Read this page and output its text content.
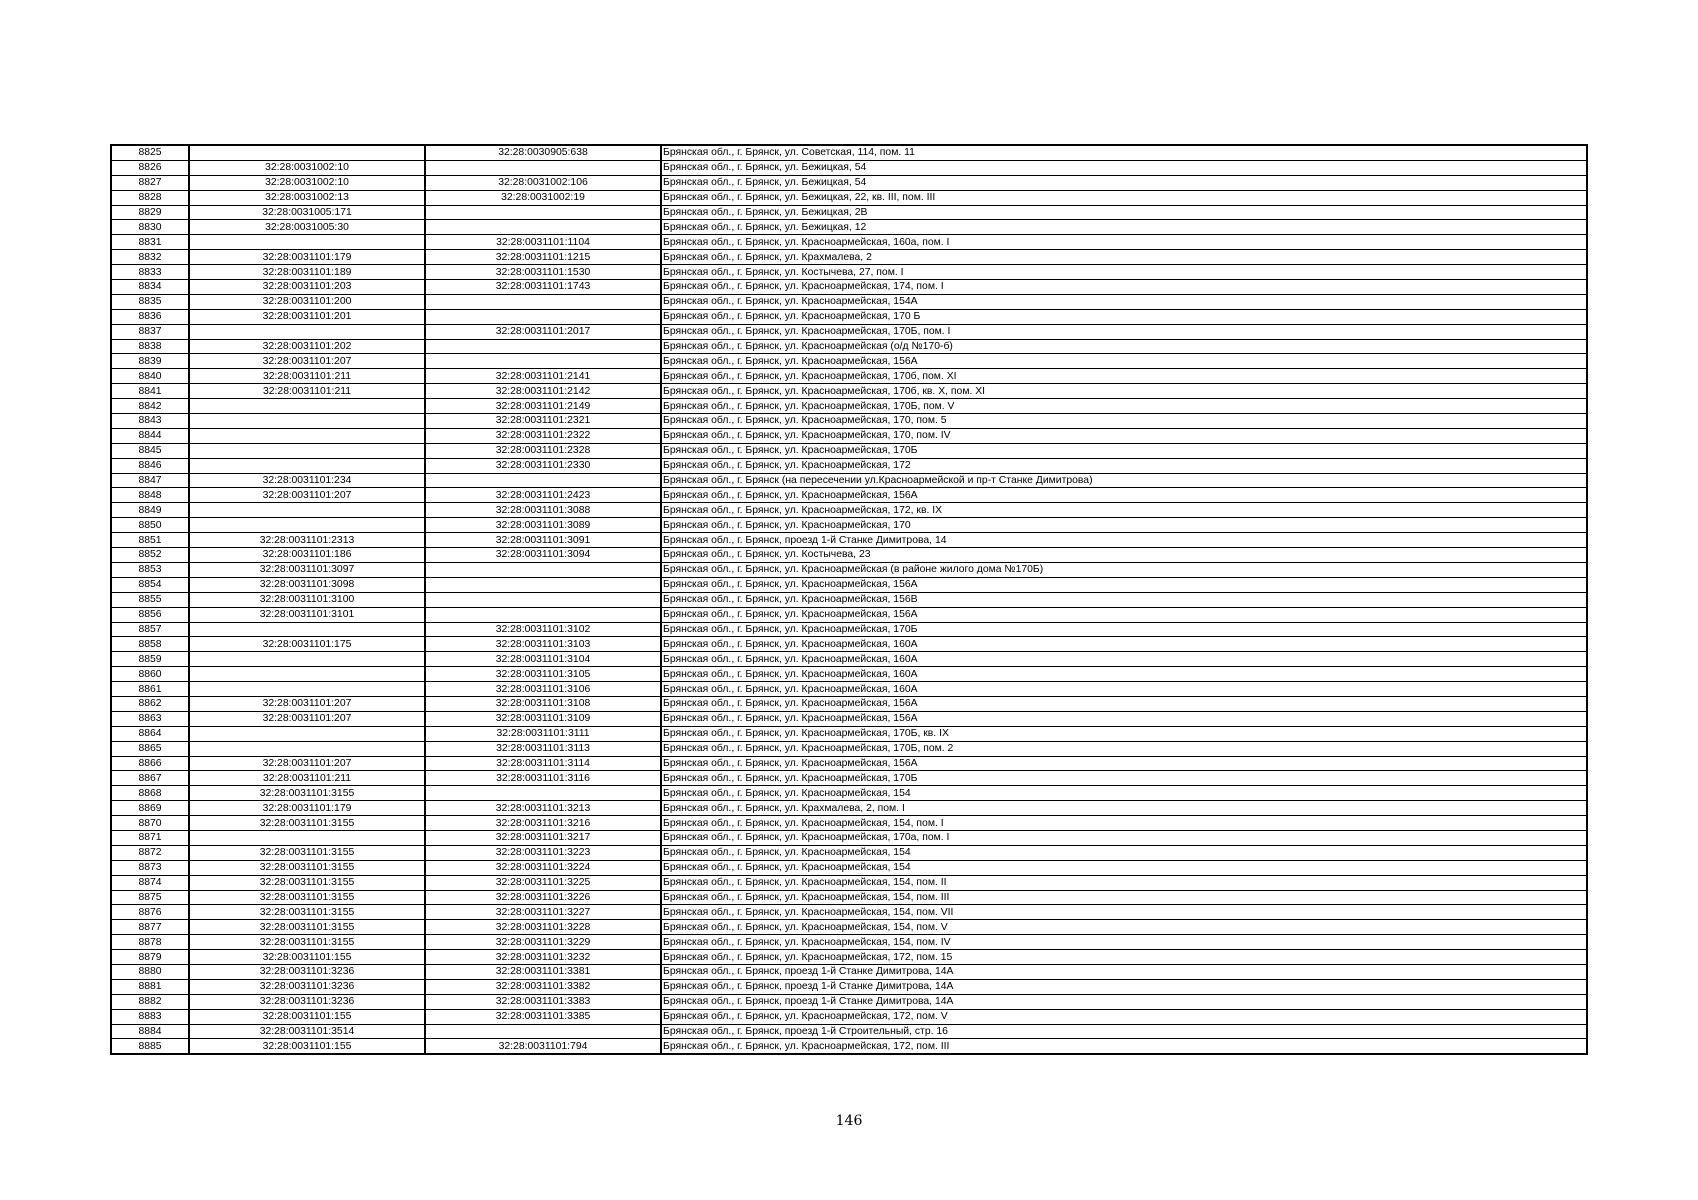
8825		32:28:0030905:638	Брянская обл., г. Брянск, ул. Советская, 114, пом. 11
8826	32:28:0031002:10		Брянская обл., г. Брянск, ул. Бежицкая, 54
8827	32:28:0031002:10	32:28:0031002:106	Брянская обл., г. Брянск, ул. Бежицкая, 54
8828	32:28:0031002:13	32:28:0031002:19	Брянская обл., г. Брянск, ул. Бежицкая, 22, кв. III, пом. III
8829	32:28:0031005:171		Брянская обл., г. Брянск, ул. Бежицкая, 2В
8830	32:28:0031005:30		Брянская обл., г. Брянск, ул. Бежицкая, 12
8831		32:28:0031101:1104	Брянская обл., г. Брянск, ул. Красноармейская, 160а, пом. I
8832	32:28:0031101:179	32:28:0031101:1215	Брянская обл., г. Брянск, ул. Крахмалева, 2
8833	32:28:0031101:189	32:28:0031101:1530	Брянская обл., г. Брянск, ул. Костычева, 27, пом. I
8834	32:28:0031101:203	32:28:0031101:1743	Брянская обл., г. Брянск, ул. Красноармейская, 174, пом. I
8835	32:28:0031101:200		Брянская обл., г. Брянск, ул. Красноармейская, 154А
8836	32:28:0031101:201		Брянская обл., г. Брянск, ул. Красноармейская, 170 Б
8837		32:28:0031101:2017	Брянская обл., г. Брянск, ул. Красноармейская, 170Б, пом. I
8838	32:28:0031101:202		Брянская обл., г. Брянск, ул. Красноармейская (о/д №170-б)
8839	32:28:0031101:207		Брянская обл., г. Брянск, ул. Красноармейская, 156А
8840	32:28:0031101:211	32:28:0031101:2141	Брянская обл., г. Брянск, ул. Красноармейская, 170б, пом. XI
8841	32:28:0031101:211	32:28:0031101:2142	Брянская обл., г. Брянск, ул. Красноармейская, 170б, кв. X, пом. XI
8842		32:28:0031101:2149	Брянская обл., г. Брянск, ул. Красноармейская, 170Б, пом. V
8843		32:28:0031101:2321	Брянская обл., г. Брянск, ул. Красноармейская, 170, пом. 5
8844		32:28:0031101:2322	Брянская обл., г. Брянск, ул. Красноармейская, 170, пом. IV
8845		32:28:0031101:2328	Брянская обл., г. Брянск, ул. Красноармейская, 170Б
8846		32:28:0031101:2330	Брянская обл., г. Брянск, ул. Красноармейская, 172
8847	32:28:0031101:234		Брянская обл., г. Брянск (на пересечении ул.Красноармейской и пр-т Станке Димитрова)
8848	32:28:0031101:207	32:28:0031101:2423	Брянская обл., г. Брянск, ул. Красноармейская, 156А
8849		32:28:0031101:3088	Брянская обл., г. Брянск, ул. Красноармейская, 172, кв. IX
8850		32:28:0031101:3089	Брянская обл., г. Брянск, ул. Красноармейская, 170
8851	32:28:0031101:2313	32:28:0031101:3091	Брянская обл., г. Брянск, проезд 1-й Станке Димитрова, 14
8852	32:28:0031101:186	32:28:0031101:3094	Брянская обл., г. Брянск, ул. Костычева, 23
8853	32:28:0031101:3097		Брянская обл., г. Брянск, ул. Красноармейская (в районе жилого дома №170Б)
8854	32:28:0031101:3098		Брянская обл., г. Брянск, ул. Красноармейская, 156А
8855	32:28:0031101:3100		Брянская обл., г. Брянск, ул. Красноармейская, 156В
8856	32:28:0031101:3101		Брянская обл., г. Брянск, ул. Красноармейская, 156А
8857		32:28:0031101:3102	Брянская обл., г. Брянск, ул. Красноармейская, 170Б
8858	32:28:0031101:175	32:28:0031101:3103	Брянская обл., г. Брянск, ул. Красноармейская, 160А
8859		32:28:0031101:3104	Брянская обл., г. Брянск, ул. Красноармейская, 160А
8860		32:28:0031101:3105	Брянская обл., г. Брянск, ул. Красноармейская, 160А
8861		32:28:0031101:3106	Брянская обл., г. Брянск, ул. Красноармейская, 160А
8862	32:28:0031101:207	32:28:0031101:3108	Брянская обл., г. Брянск, ул. Красноармейская, 156А
8863	32:28:0031101:207	32:28:0031101:3109	Брянская обл., г. Брянск, ул. Красноармейская, 156А
8864		32:28:0031101:3111	Брянская обл., г. Брянск, ул. Красноармейская, 170Б, кв. IX
8865		32:28:0031101:3113	Брянская обл., г. Брянск, ул. Красноармейская, 170Б, пом. 2
8866	32:28:0031101:207	32:28:0031101:3114	Брянская обл., г. Брянск, ул. Красноармейская, 156А
8867	32:28:0031101:211	32:28:0031101:3116	Брянская обл., г. Брянск, ул. Красноармейская, 170Б
8868	32:28:0031101:3155		Брянская обл., г. Брянск, ул. Красноармейская, 154
8869	32:28:0031101:179	32:28:0031101:3213	Брянская обл., г. Брянск, ул. Крахмалева, 2, пом. I
8870	32:28:0031101:3155	32:28:0031101:3216	Брянская обл., г. Брянск, ул. Красноармейская, 154, пом. I
8871		32:28:0031101:3217	Брянская обл., г. Брянск, ул. Красноармейская, 170а, пом. I
8872	32:28:0031101:3155	32:28:0031101:3223	Брянская обл., г. Брянск, ул. Красноармейская, 154
8873	32:28:0031101:3155	32:28:0031101:3224	Брянская обл., г. Брянск, ул. Красноармейская, 154
8874	32:28:0031101:3155	32:28:0031101:3225	Брянская обл., г. Брянск, ул. Красноармейская, 154, пом. II
8875	32:28:0031101:3155	32:28:0031101:3226	Брянская обл., г. Брянск, ул. Красноармейская, 154, пом. III
8876	32:28:0031101:3155	32:28:0031101:3227	Брянская обл., г. Брянск, ул. Красноармейская, 154, пом. VII
8877	32:28:0031101:3155	32:28:0031101:3228	Брянская обл., г. Брянск, ул. Красноармейская, 154, пом. V
8878	32:28:0031101:3155	32:28:0031101:3229	Брянская обл., г. Брянск, ул. Красноармейская, 154, пом. IV
8879	32:28:0031101:155	32:28:0031101:3232	Брянская обл., г. Брянск, ул. Красноармейская, 172, пом. 15
8880	32:28:0031101:3236	32:28:0031101:3381	Брянская обл., г. Брянск, проезд 1-й Станке Димитрова, 14А
8881	32:28:0031101:3236	32:28:0031101:3382	Брянская обл., г. Брянск, проезд 1-й Станке Димитрова, 14А
8882	32:28:0031101:3236	32:28:0031101:3383	Брянская обл., г. Брянск, проезд 1-й Станке Димитрова, 14А
8883	32:28:0031101:155	32:28:0031101:3385	Брянская обл., г. Брянск, ул. Красноармейская, 172, пом. V
8884	32:28:0031101:3514		Брянская обл., г. Брянск, проезд 1-й Строительный, стр. 16
8885	32:28:0031101:155	32:28:0031101:794	Брянская обл., г. Брянск, ул. Красноармейская, 172, пом. III
146
